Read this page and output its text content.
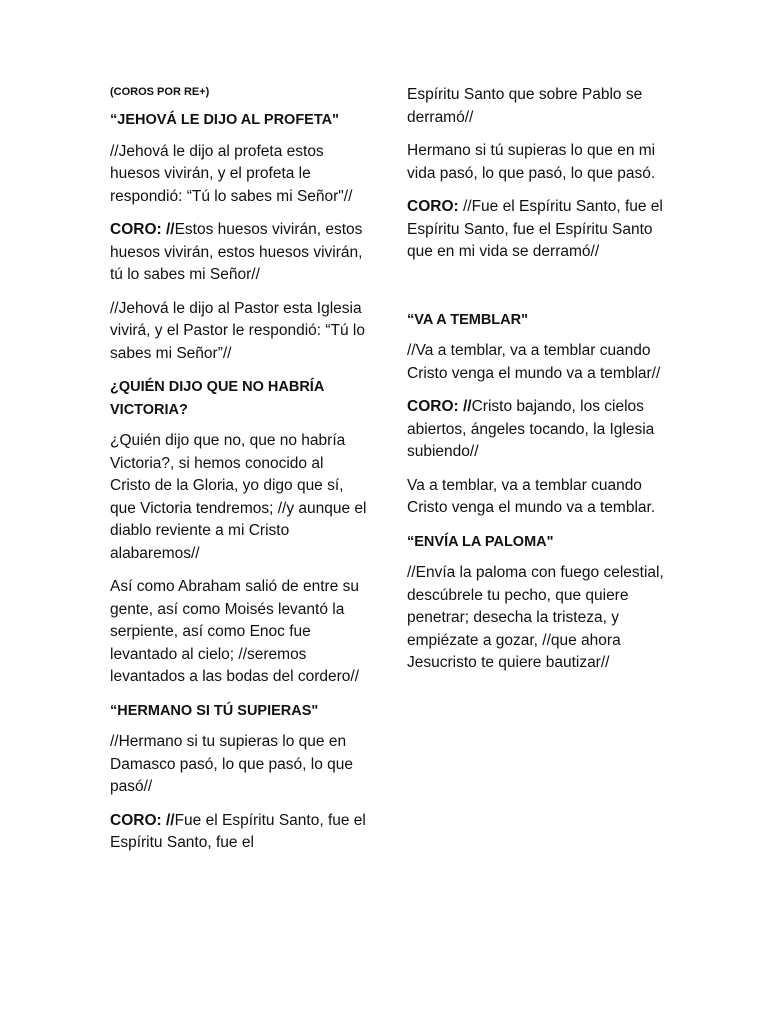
(COROS POR RE+)
“JEHOVÁ LE DIJO AL PROFETA"
//Jehová le dijo al profeta estos huesos vivirán, y el profeta le respondió: “Tú lo sabes mi Señor"//
CORO: //Estos huesos vivirán, estos huesos vivirán, estos huesos vivirán, tú lo sabes mi Señor//
//Jehová le dijo al Pastor esta Iglesia vivirá, y el Pastor le respondió: “Tú lo sabes mi Señor”//
¿QUIÉN DIJO QUE NO HABRÍA VICTORIA?
¿Quién dijo que no, que no habría Victoria?, si hemos conocido al Cristo de la Gloria, yo digo que sí, que Victoria tendremos; //y aunque el diablo reviente a mi Cristo alabaremos//
Así como Abraham salió de entre su gente, así como Moisés levantó la serpiente, así como Enoc fue levantado al cielo; //seremos levantados a las bodas del cordero//
“HERMANO SI TÚ SUPIERAS"
//Hermano si tu supieras lo que en Damasco pasó, lo que pasó, lo que pasó//
CORO: //Fue el Espíritu Santo, fue el Espíritu Santo, fue el
Espíritu Santo que sobre Pablo se derramó//
Hermano si tú supieras lo que en mi vida pasó, lo que pasó, lo que pasó.
CORO: //Fue el Espíritu Santo, fue el Espíritu Santo, fue el Espíritu Santo que en mi vida se derramó//
“VA A TEMBLAR"
//Va a temblar, va a temblar cuando Cristo venga el mundo va a temblar//
CORO: //Cristo bajando, los cielos abiertos, ángeles tocando, la Iglesia subiendo//
Va a temblar, va a temblar cuando Cristo venga el mundo va a temblar.
“ENVÍA LA PALOMA"
//Envía la paloma con fuego celestial, descúbrele tu pecho, que quiere penetrar; desecha la tristeza, y empiézate a gozar, //que ahora Jesucristo te quiere bautizar//
